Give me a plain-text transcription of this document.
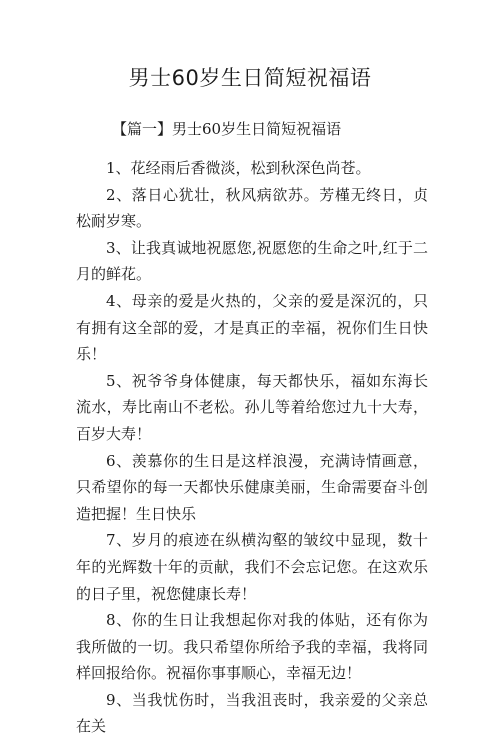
男士60岁生日简短祝福语
【篇一】男士60岁生日简短祝福语

1、花经雨后香微淡，松到秋深色尚苍。

2、落日心犹壮，秋风病欲苏。芳槿无终日，贞松耐岁寒。

3、让我真诚地祝愿您,祝愿您的生命之叶,红于二月的鲜花。

4、母亲的爱是火热的，父亲的爱是深沉的，只有拥有这全部的爱，才是真正的幸福，祝你们生日快乐！

5、祝爷爷身体健康，每天都快乐，福如东海长流水，寿比南山不老松。孙儿等着给您过九十大寿，百岁大寿！

6、羡慕你的生日是这样浪漫，充满诗情画意，只希望你的每一天都快乐健康美丽，生命需要奋斗创造把握！生日快乐

7、岁月的痕迹在纵横沟壑的皱纹中显现，数十年的光辉数十年的贡献，我们不会忘记您。在这欢乐的日子里，祝您健康长寿！

8、你的生日让我想起你对我的体贴，还有你为我所做的一切。我只希望你所给予我的幸福，我将同样回报给你。祝福你事事顺心，幸福无边！

9、当我忧伤时，当我沮丧时，我亲爱的父亲总在关
